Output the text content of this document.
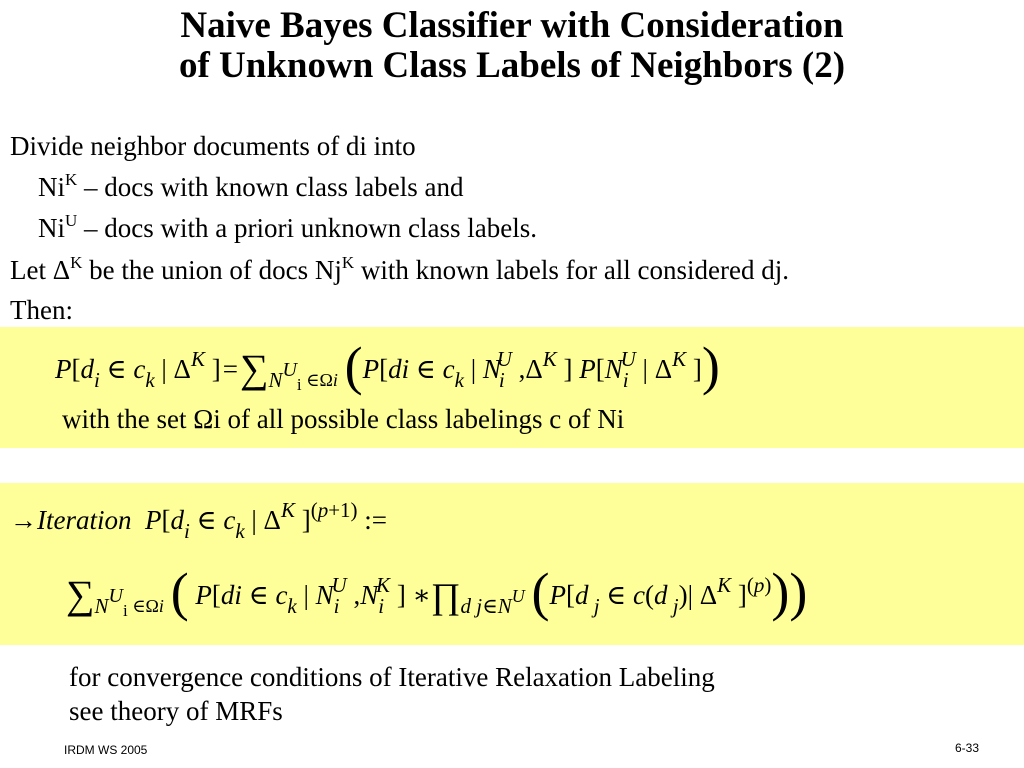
Naive Bayes Classifier with Consideration
of Unknown Class Labels of Neighbors (2)
Divide neighbor documents of di into
$Ni^K$ – docs with known class labels and
$Ni^U$ – docs with a priori unknown class labels.
Let $\Delta^K$ be the union of docs $Nj^K$ with known labels for all considered dj.
Then:
$P[d_i$ ∈ $c_k$ | $\Delta^K$ ]$=\sum_NU_i$ $_{\in\Omega i}$ (P[di ∈ $c_k$ | $N_i^U$ $,\Delta^K$ ] $P[N_i^U$ | $\Delta^K$ ])
with the set Ωi of all possible class labelings c of Ni
→Iteration $P[d_i$ ∈ $c_k$ | $\Delta^K$ ]$^{(p+1)}$ :=
$\sum_NU_i$ $_{\in\Omega i}$ ( P[di ∈ $c_k$ | $N_i^U$ $,N_i^K$ ] $∗\prod_{d j\in N}U$ (P[d $_j$ ∈ c(d $_j$)| $\Delta^K$ ]$^{(p)}$))
for convergence conditions of Iterative Relaxation Labeling
see theory of MRFs
IRDM WS 2005	6-33
